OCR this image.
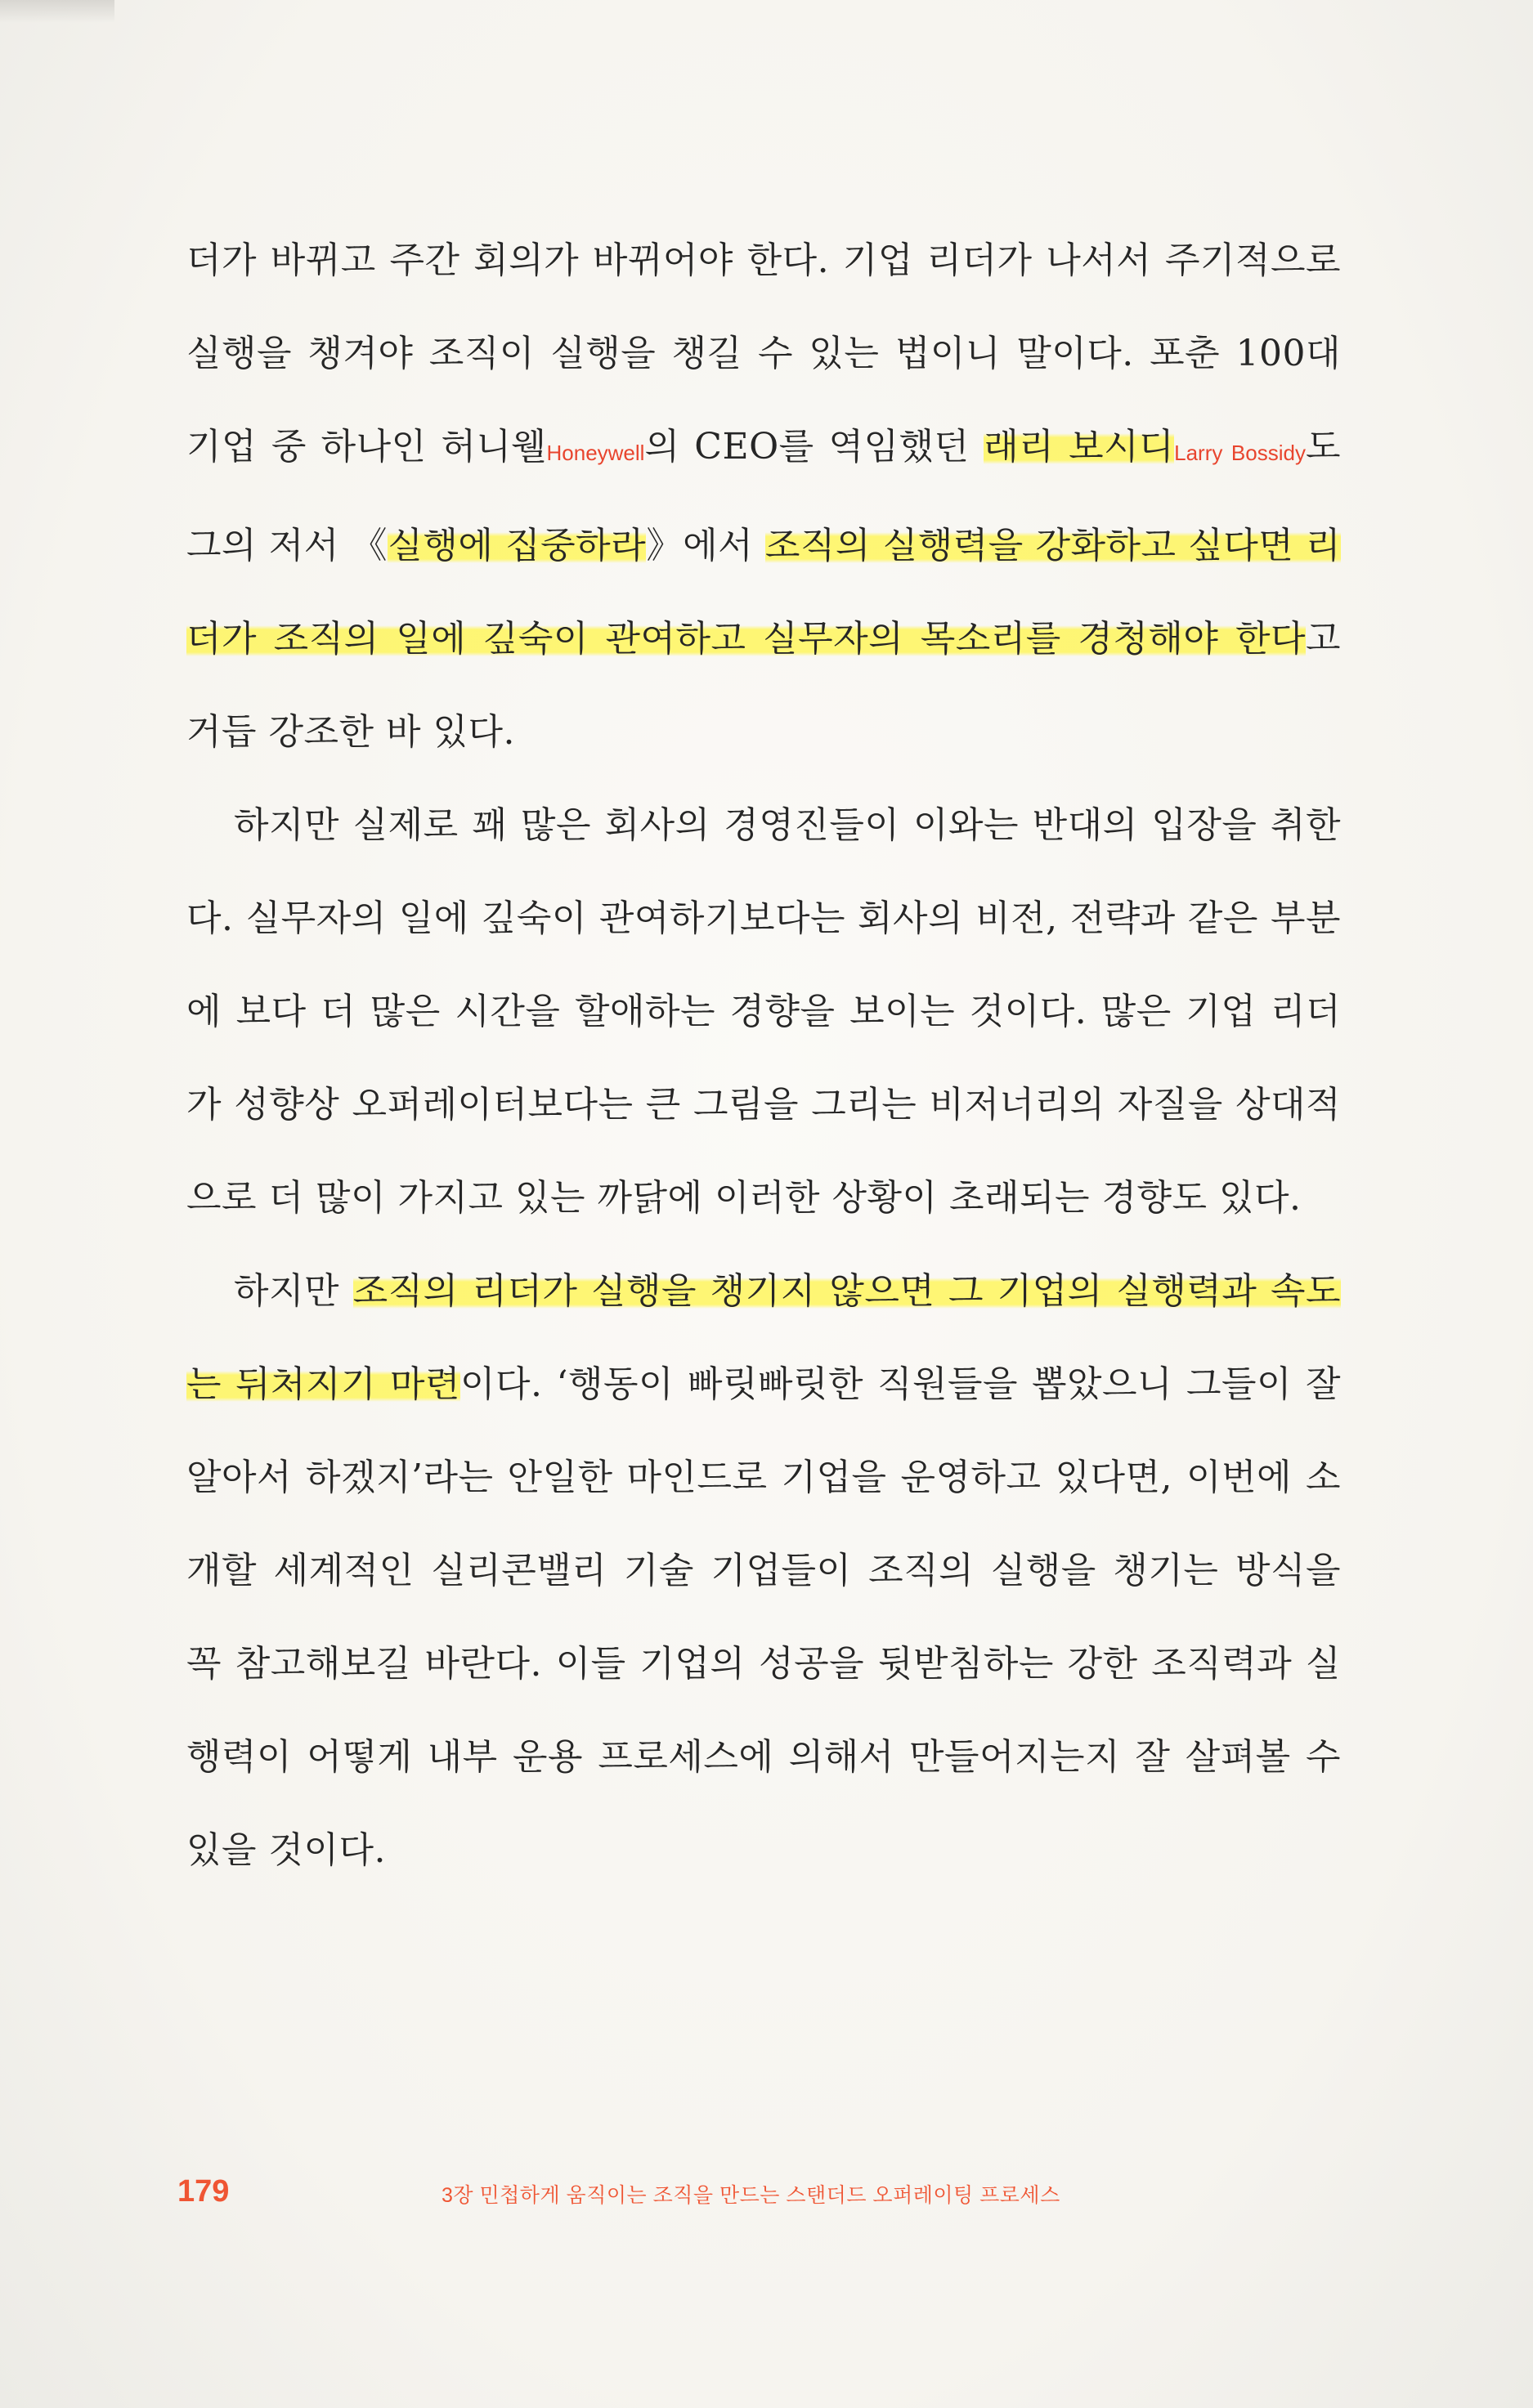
더가 바뀌고 주간 회의가 바뀌어야 한다. 기업 리더가 나서서 주기적으로 실행을 챙겨야 조직이 실행을 챙길 수 있는 법이니 말이다. 포춘 100대 기업 중 하나인 허니웰Honeywell의 CEO를 역임했던 래리 보시디Larry Bossidy도 그의 저서 《실행에 집중하라》에서 조직의 실행력을 강화하고 싶다면 리더가 조직의 일에 깊숙이 관여하고 실무자의 목소리를 경청해야 한다고 거듭 강조한 바 있다.

하지만 실제로 꽤 많은 회사의 경영진들이 이와는 반대의 입장을 취한다. 실무자의 일에 깊숙이 관여하기보다는 회사의 비전, 전략과 같은 부분에 보다 더 많은 시간을 할애하는 경향을 보이는 것이다. 많은 기업 리더가 성향상 오퍼레이터보다는 큰 그림을 그리는 비저너리의 자질을 상대적으로 더 많이 가지고 있는 까닭에 이러한 상황이 초래되는 경향도 있다.

하지만 조직의 리더가 실행을 챙기지 않으면 그 기업의 실행력과 속도는 뒤처지기 마련이다. ‘행동이 빠릿빠릿한 직원들을 뽑았으니 그들이 잘 알아서 하겠지’라는 안일한 마인드로 기업을 운영하고 있다면, 이번에 소개할 세계적인 실리콘밸리 기술 기업들이 조직의 실행을 챙기는 방식을 꼭 참고해보길 바란다. 이들 기업의 성공을 뒷받침하는 강한 조직력과 실행력이 어떻게 내부 운용 프로세스에 의해서 만들어지는지 잘 살펴볼 수 있을 것이다.

179	3장 민첩하게 움직이는 조직을 만드는 스탠더드 오퍼레이팅 프로세스
